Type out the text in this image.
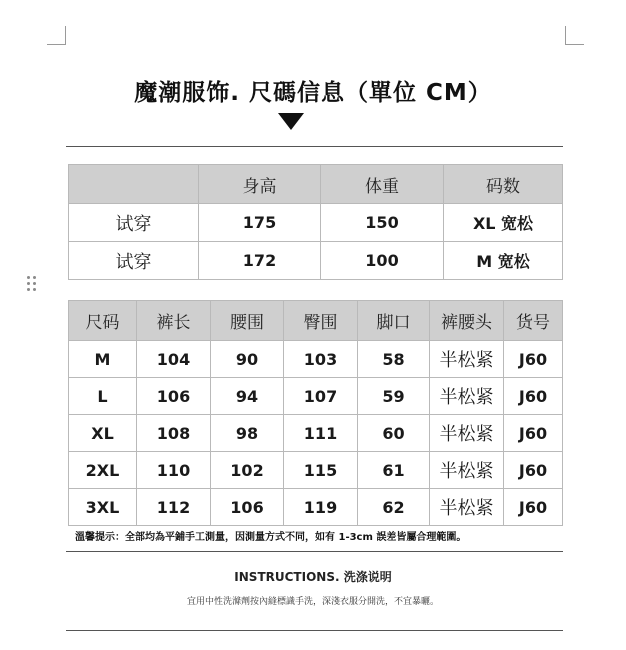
魔潮服饰. 尺碼信息（單位 CM）
	身高	体重	码数
试穿	175	150	XL 宽松
试穿	172	100	M 宽松
尺码	裤长	腰围	臀围	脚口	裤腰头	货号
M	104	90	103	58	半松紧	J60
L	106	94	107	59	半松紧	J60
XL	108	98	111	60	半松紧	J60
2XL	110	102	115	61	半松紧	J60
3XL	112	106	119	62	半松紧	J60
溫馨提示：全部均為平鋪手工測量，因測量方式不同，如有 1-3cm 誤差皆屬合理範圍。
INSTRUCTIONS. 洗涤说明
宜用中性洗滌劑按內縫標識手洗，深淺衣服分開洗，不宜暴曬。
